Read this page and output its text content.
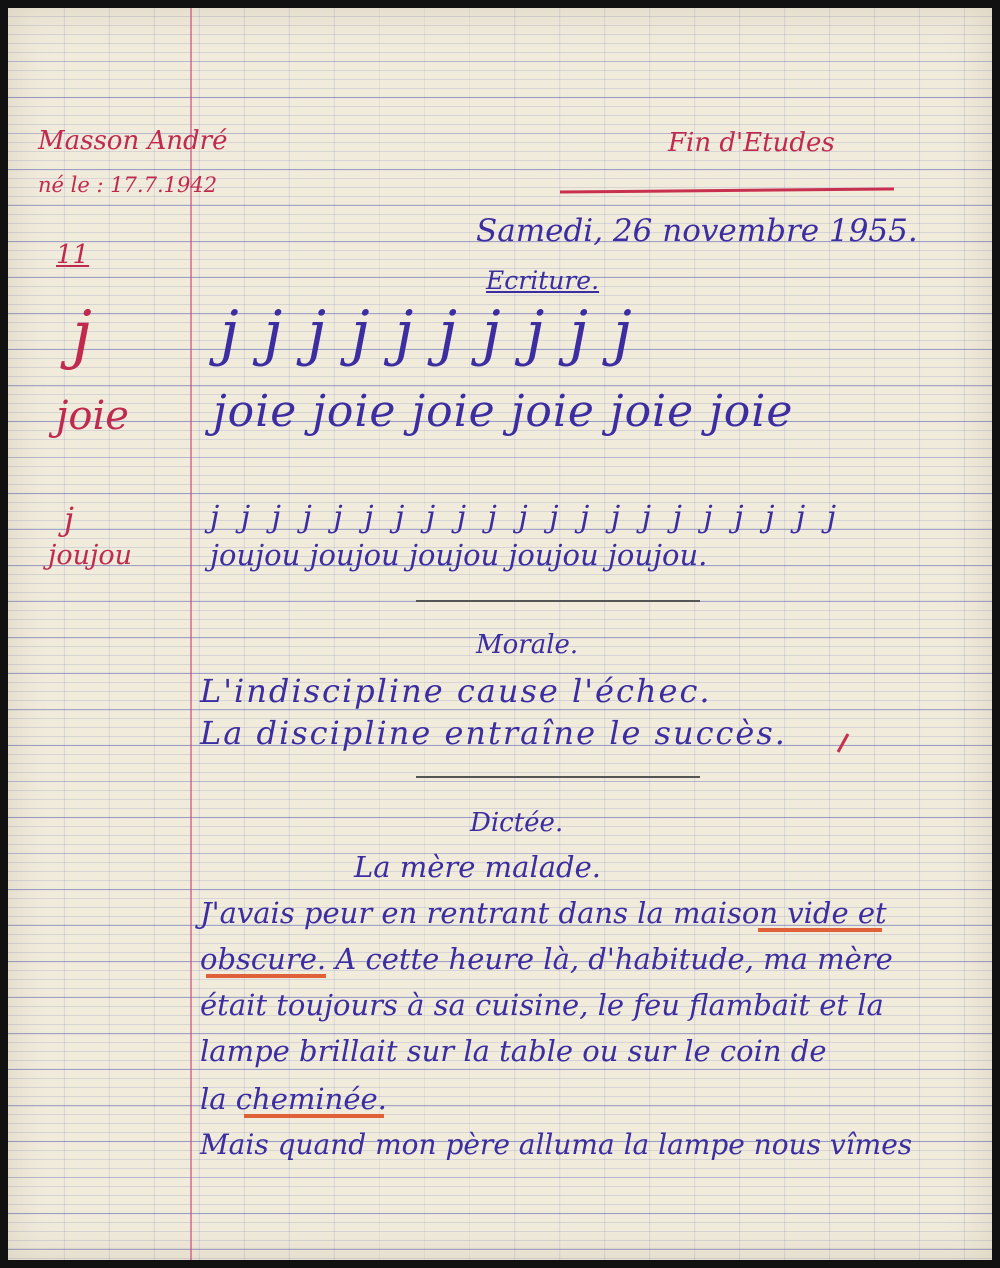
Masson André
né le : 17.7.1942
11
Fin d'Etudes
Samedi, 26 novembre 1955.
Ecriture.
j j j j j j j j j j j
joie joie joie joie joie joie joie
j	j j j j j j j j j j j j j j j j j j j j j
joujou	joujou joujou joujou joujou joujou.
Morale.
L'indiscipline cause l'échec.
La discipline entraîne le succès.
Dictée.
La mère malade.
J'avais peur en rentrant dans la maison vide et
obscure. A cette heure là, d'habitude, ma mère
était toujours à sa cuisine, le feu flambait et la
lampe brillait sur la table ou sur le coin de
la cheminée.
Mais quand mon père alluma la lampe nous vîmes
